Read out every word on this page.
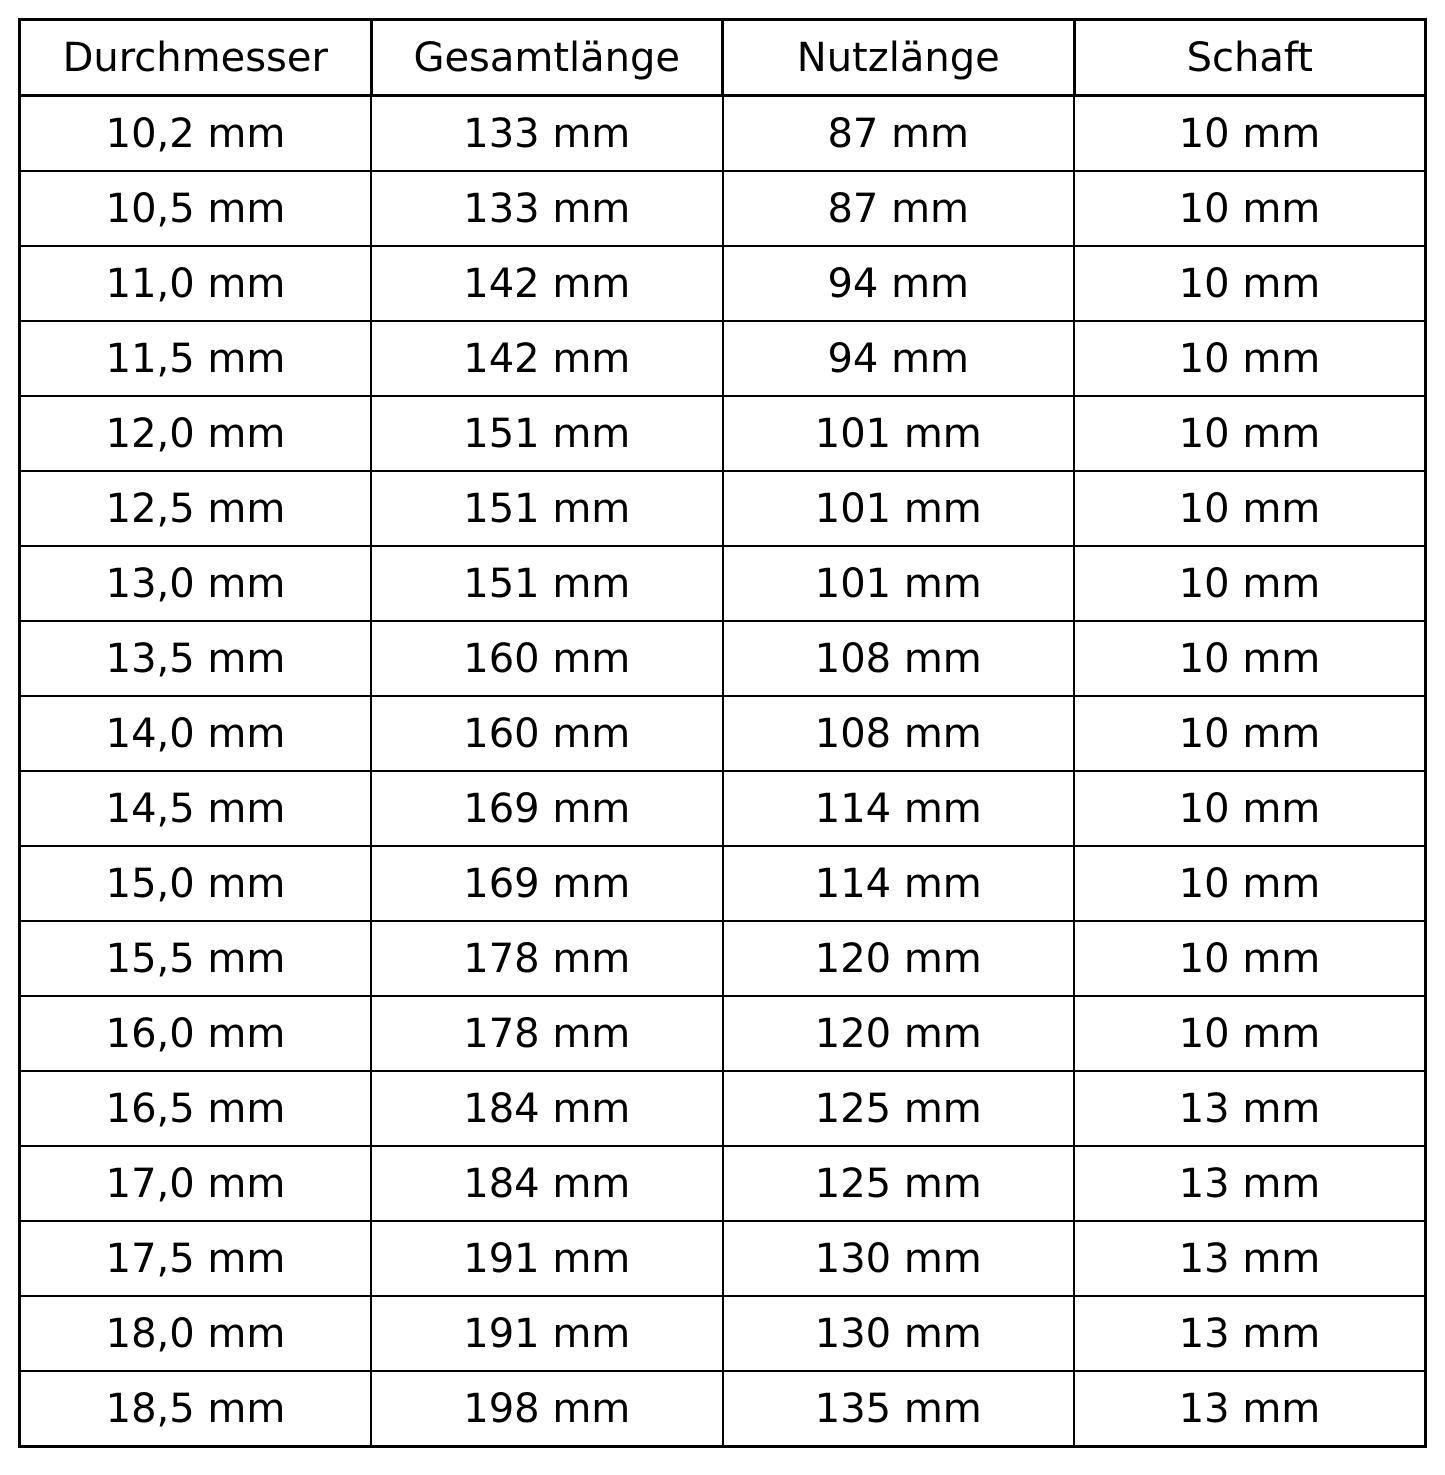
Durchmesser	Gesamtlänge	Nutzlänge	Schaft
10,2 mm	133 mm	87 mm	10 mm
10,5 mm	133 mm	87 mm	10 mm
11,0 mm	142 mm	94 mm	10 mm
11,5 mm	142 mm	94 mm	10 mm
12,0 mm	151 mm	101 mm	10 mm
12,5 mm	151 mm	101 mm	10 mm
13,0 mm	151 mm	101 mm	10 mm
13,5 mm	160 mm	108 mm	10 mm
14,0 mm	160 mm	108 mm	10 mm
14,5 mm	169 mm	114 mm	10 mm
15,0 mm	169 mm	114 mm	10 mm
15,5 mm	178 mm	120 mm	10 mm
16,0 mm	178 mm	120 mm	10 mm
16,5 mm	184 mm	125 mm	13 mm
17,0 mm	184 mm	125 mm	13 mm
17,5 mm	191 mm	130 mm	13 mm
18,0 mm	191 mm	130 mm	13 mm
18,5 mm	198 mm	135 mm	13 mm
